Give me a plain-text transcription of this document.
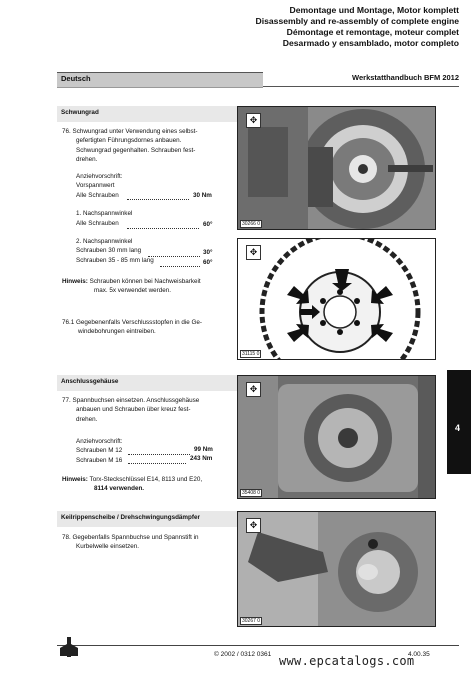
Demontage und Montage, Motor komplett
Disassembly and re-assembly of complete engine
Démontage et remontage, moteur complet
Desarmado y ensamblado, motor completo
Deutsch	Werkstatthandbuch BFM 2012
Schwungrad
76. Schwungrad unter Verwendung eines selbst-
gefertigten Führungsdornes anbauen.
Schwungrad gegenhalten. Schrauben fest-
drehen.
Anziehvorschrift:
Vorspannwert
Alle Schrauben
1. Nachspannwinkel
Alle Schrauben
2. Nachspannwinkel
Schrauben 30 mm lang
Schrauben 35 - 85 mm lang
30 Nm
60°
30°
60°
Hinweis: Schrauben können bei Nachweisbarkeit
max. 5x verwendet werden.
76.1 Gegebenenfalls Verschlussstopfen in die Ge-
windebohrungen eintreiben.
Anschlussgehäuse
77. Spannbuchsen einsetzen. Anschlussgehäuse
anbauen und Schrauben über kreuz fest-
drehen.
Anziehvorschrift:
Schrauben M 12
Schrauben M 16
99 Nm
243 Nm
Hinweis: Torx-Steckschlüssel E14, 8113 und E20,
8114 verwenden.
Keilrippenscheibe / Drehschwingungsdämpfer
78. Gegebenfalls Spannbuchse und Spannstift in
Kurbelwelle einsetzen.
✥
30266 0
✥
31115 0
✥
35408 0
✥
30267 0
4
© 2002 / 0312 0361	4.00.35
www.epcatalogs.com
